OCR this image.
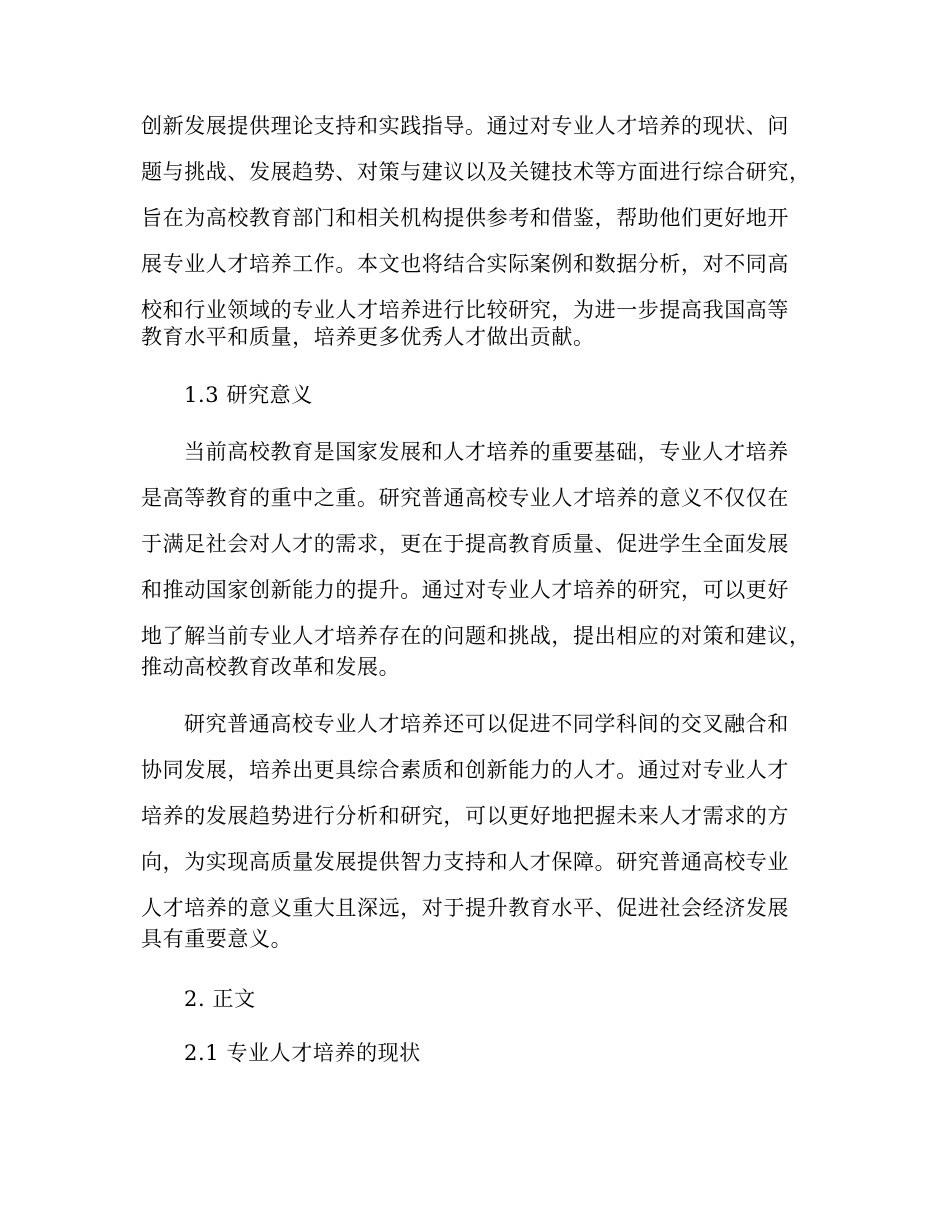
创新发展提供理论支持和实践指导。通过对专业人才培养的现状、问
题与挑战、发展趋势、对策与建议以及关键技术等方面进行综合研究，
旨在为高校教育部门和相关机构提供参考和借鉴，帮助他们更好地开
展专业人才培养工作。本文也将结合实际案例和数据分析，对不同高
校和行业领域的专业人才培养进行比较研究，为进一步提高我国高等
教育水平和质量，培养更多优秀人才做出贡献。
1.3 研究意义
当前高校教育是国家发展和人才培养的重要基础，专业人才培养
是高等教育的重中之重。研究普通高校专业人才培养的意义不仅仅在
于满足社会对人才的需求，更在于提高教育质量、促进学生全面发展
和推动国家创新能力的提升。通过对专业人才培养的研究，可以更好
地了解当前专业人才培养存在的问题和挑战，提出相应的对策和建议，
推动高校教育改革和发展。
研究普通高校专业人才培养还可以促进不同学科间的交叉融合和
协同发展，培养出更具综合素质和创新能力的人才。通过对专业人才
培养的发展趋势进行分析和研究，可以更好地把握未来人才需求的方
向，为实现高质量发展提供智力支持和人才保障。研究普通高校专业
人才培养的意义重大且深远，对于提升教育水平、促进社会经济发展
具有重要意义。
2. 正文
2.1 专业人才培养的现状
